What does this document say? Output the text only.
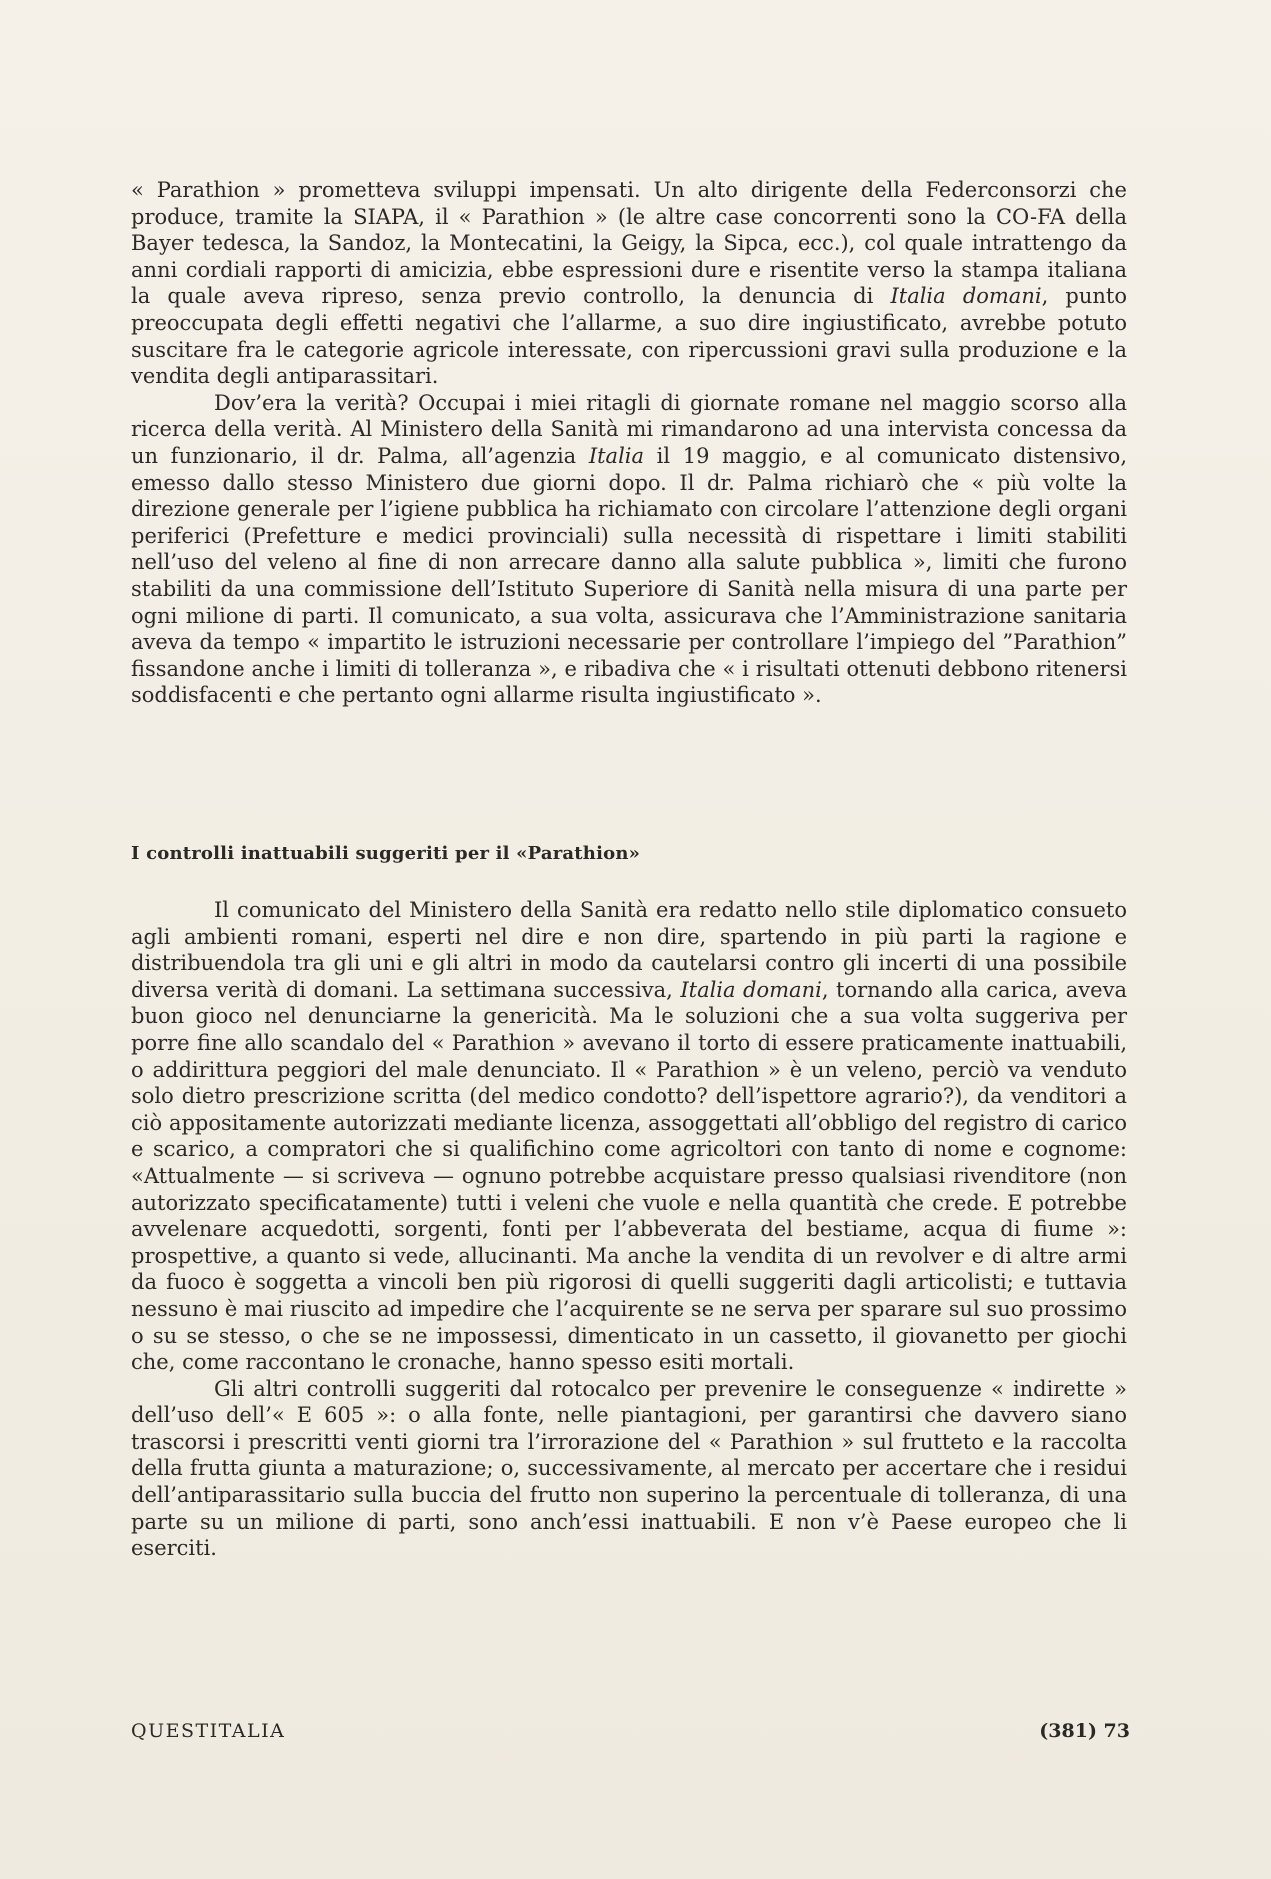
« Parathion » prometteva sviluppi impensati. Un alto dirigente della Federconsorzi che produce, tramite la SIAPA, il « Parathion » (le altre case concorrenti sono la CO-FA della Bayer tedesca, la Sandoz, la Montecatini, la Geigy, la Sipca, ecc.), col quale intrattengo da anni cordiali rapporti di amicizia, ebbe espressioni dure e risentite verso la stampa italiana la quale aveva ripreso, senza previo controllo, la denuncia di Italia domani, punto preoccupata degli effetti negativi che l’allarme, a suo dire ingiustificato, avrebbe potuto suscitare fra le categorie agricole interessate, con ripercussioni gravi sulla produzione e la vendita degli antiparassitari.

Dov’era la verità? Occupai i miei ritagli di giornate romane nel maggio scorso alla ricerca della verità. Al Ministero della Sanità mi rimandarono ad una intervista concessa da un funzionario, il dr. Palma, all’agenzia Italia il 19 maggio, e al comunicato distensivo, emesso dallo stesso Ministero due giorni dopo. Il dr. Palma richiarò che « più volte la direzione generale per l’igiene pubblica ha richiamato con circolare l’attenzione degli organi periferici (Prefetture e medici provinciali) sulla necessità di rispettare i limiti stabiliti nell’uso del veleno al fine di non arrecare danno alla salute pubblica », limiti che furono stabiliti da una commissione dell’Istituto Superiore di Sanità nella misura di una parte per ogni milione di parti. Il comunicato, a sua volta, assicurava che l’Amministrazione sanitaria aveva da tempo « impartito le istruzioni necessarie per controllare l’impiego del ”Parathion” fissandone anche i limiti di tolleranza », e ribadiva che « i risultati ottenuti debbono ritenersi soddisfacenti e che pertanto ogni allarme risulta ingiustificato ».

I controlli inattuabili suggeriti per il «Parathion»

Il comunicato del Ministero della Sanità era redatto nello stile diplomatico consueto agli ambienti romani, esperti nel dire e non dire, spartendo in più parti la ragione e distribuendola tra gli uni e gli altri in modo da cautelarsi contro gli incerti di una possibile diversa verità di domani. La settimana successiva, Italia domani, tornando alla carica, aveva buon gioco nel denunciarne la genericità. Ma le soluzioni che a sua volta suggeriva per porre fine allo scandalo del « Parathion » avevano il torto di essere praticamente inattuabili, o addirittura peggiori del male denunciato. Il « Parathion » è un veleno, perciò va venduto solo dietro prescrizione scritta (del medico condotto? dell’ispettore agrario?), da venditori a ciò appositamente autorizzati mediante licenza, assoggettati all’obbligo del registro di carico e scarico, a compratori che si qualifichino come agricoltori con tanto di nome e cognome: «Attualmente — si scriveva — ognuno potrebbe acquistare presso qualsiasi rivenditore (non autorizzato specificatamente) tutti i veleni che vuole e nella quantità che crede. E potrebbe avvelenare acquedotti, sorgenti, fonti per l’abbeverata del bestiame, acqua di fiume »: prospettive, a quanto si vede, allucinanti. Ma anche la vendita di un revolver e di altre armi da fuoco è soggetta a vincoli ben più rigorosi di quelli suggeriti dagli articolisti; e tuttavia nessuno è mai riuscito ad impedire che l’acquirente se ne serva per sparare sul suo prossimo o su se stesso, o che se ne impossessi, dimenticato in un cassetto, il giovanetto per giochi che, come raccontano le cronache, hanno spesso esiti mortali.

Gli altri controlli suggeriti dal rotocalco per prevenire le conseguenze « indirette » dell’uso dell’« E 605 »: o alla fonte, nelle piantagioni, per garantirsi che davvero siano trascorsi i prescritti venti giorni tra l’irrorazione del « Parathion » sul frutteto e la raccolta della frutta giunta a maturazione; o, successivamente, al mercato per accertare che i residui dell’antiparassitario sulla buccia del frutto non superino la percentuale di tolleranza, di una parte su un milione di parti, sono anch’essi inattuabili. E non v’è Paese europeo che li eserciti.

QUESTITALIA	(381) 73
